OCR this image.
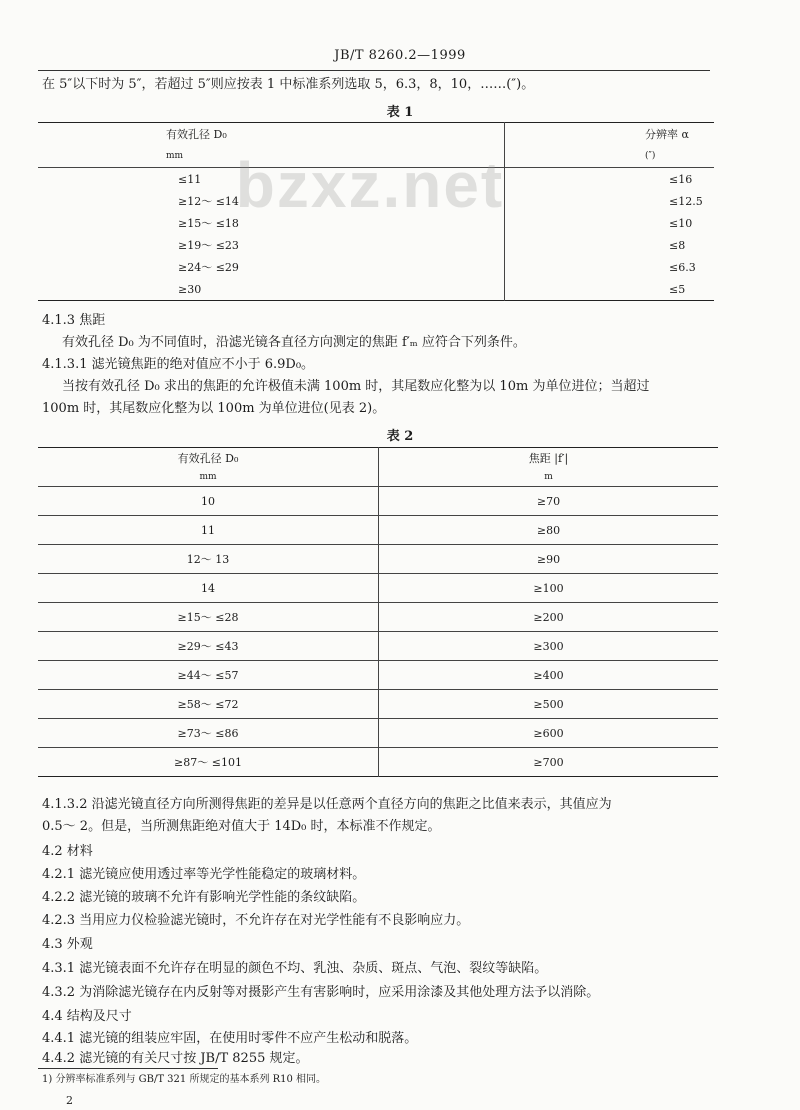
JB/T 8260.2—1999
在 5″以下时为 5″，若超过 5″则应按表 1 中标准系列选取 5，6.3，8，10，……(″)。
表 1
有效孔径 D₀	分辨率 α
mm	(″)
≤11	≤16
≥12～ ≤14	≤12.5
≥15～ ≤18	≤10
≥19～ ≤23	≤8
≥24～ ≤29	≤6.3
≥30	≤5
bzxz.net
4.1.3 焦距
有效孔径 D₀ 为不同值时，沿滤光镜各直径方向测定的焦距 f′ₘ 应符合下列条件。
4.1.3.1 滤光镜焦距的绝对值应不小于 6.9D₀。
当按有效孔径 D₀ 求出的焦距的允许极值未满 100m 时，其尾数应化整为以 10m 为单位进位；当超过
100m 时，其尾数应化整为以 100m 为单位进位(见表 2)。
表 2
有效孔径 D₀	焦距 |f′|
mm	m
10	≥70
11	≥80
12～ 13	≥90
14	≥100
≥15～ ≤28	≥200
≥29～ ≤43	≥300
≥44～ ≤57	≥400
≥58～ ≤72	≥500
≥73～ ≤86	≥600
≥87～ ≤101	≥700
4.1.3.2 沿滤光镜直径方向所测得焦距的差异是以任意两个直径方向的焦距之比值来表示，其值应为
0.5～ 2。但是，当所测焦距绝对值大于 14D₀ 时，本标准不作规定。
4.2 材料
4.2.1 滤光镜应使用透过率等光学性能稳定的玻璃材料。
4.2.2 滤光镜的玻璃不允许有影响光学性能的条纹缺陷。
4.2.3 当用应力仪检验滤光镜时，不允许存在对光学性能有不良影响应力。
4.3 外观
4.3.1 滤光镜表面不允许存在明显的颜色不均、乳浊、杂质、斑点、气泡、裂纹等缺陷。
4.3.2 为消除滤光镜存在内反射等对摄影产生有害影响时，应采用涂漆及其他处理方法予以消除。
4.4 结构及尺寸
4.4.1 滤光镜的组装应牢固，在使用时零件不应产生松动和脱落。
4.4.2 滤光镜的有关尺寸按 JB/T 8255 规定。
1) 分辨率标准系列与 GB/T 321 所规定的基本系列 R10 相同。
2
